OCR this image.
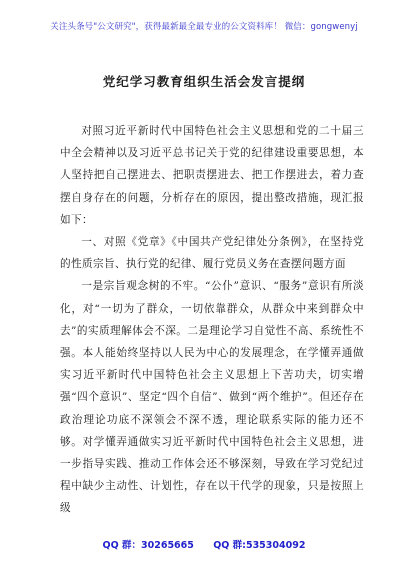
关注头条号"公文研究"，获得最新最全最专业的公文资料库！ 微信：gongwenyj
党纪学习教育组织生活会发言提纲

对照习近平新时代中国特色社会主义思想和党的二十届三中全会精神以及习近平总书记关于党的纪律建设重要思想，本人坚持把自己摆进去、把职责摆进去、把工作摆进去，着力查摆自身存在的问题，分析存在的原因，提出整改措施，现汇报如下：

一、对照《党章》《中国共产党纪律处分条例》，在坚持党的性质宗旨、执行党的纪律、履行党员义务在查摆问题方面

一是宗旨观念树的不牢。“公仆”意识、“服务”意识有所淡化，对“一切为了群众，一切依靠群众，从群众中来到群众中去”的实质理解体会不深。二是理论学习自觉性不高、系统性不强。本人能始终坚持以人民为中心的发展理念，在学懂弄通做实习近平新时代中国特色社会主义思想上下苦功夫，切实增强“四个意识”、坚定“四个自信”、做到“两个维护”。但还存在政治理论功底不深领会不深不透，理论联系实际的能力还不够。对学懂弄通做实习近平新时代中国特色社会主义思想，进一步指导实践、推动工作体会还不够深刻，导致在学习党纪过程中缺少主动性、计划性，存在以干代学的现象，只是按照上级

QQ 群：30265665 QQ 群:535304092
